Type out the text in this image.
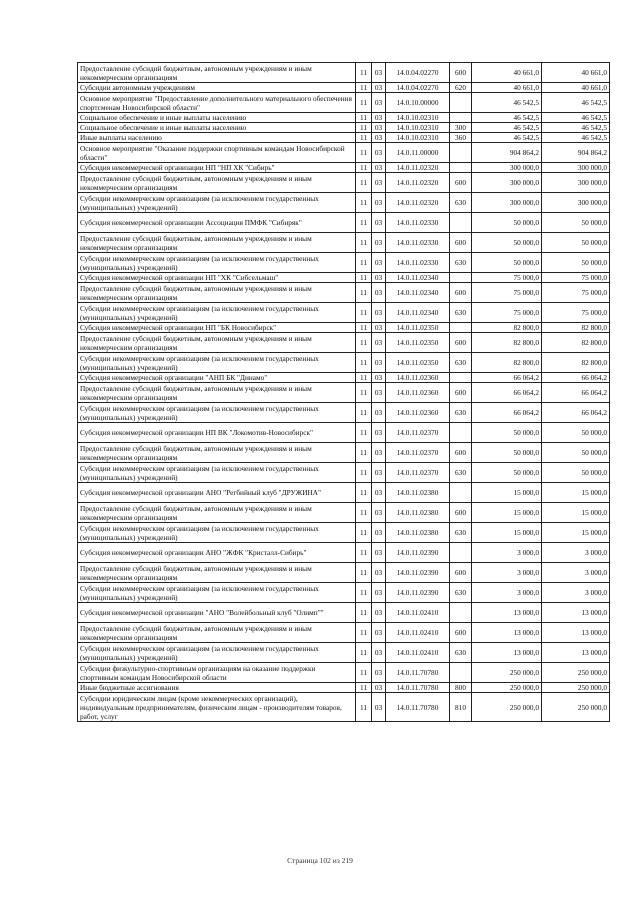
Предоставление субсидий бюджетным, автономным учреждениям и иным некоммерческим организациям	11	03	14.0.04.02270	600	40 661,0	40 661,0
Субсидии автономным учреждениям	11	03	14.0.04.02270	620	40 661,0	40 661,0
Основное мероприятие "Предоставление дополнительного материального обеспечения спортсменам Новосибирской области"	11	03	14.0.10.00000		46 542,5	46 542,5
Социальное обеспечение и иные выплаты населению	11	03	14.0.10.02310		46 542,5	46 542,5
Социальное обеспечение и иные выплаты населению	11	03	14.0.10.02310	300	46 542,5	46 542,5
Иные выплаты населению	11	03	14.0.10.02310	360	46 542,5	46 542,5
Основное мероприятие "Оказание поддержки спортивным командам Новосибирской области"	11	03	14.0.11.00000		904 864,2	904 864,2
Субсидия некоммерческой организации НП "НП ХК "Сибирь"	11	03	14.0.11.02320		300 000,0	300 000,0
Предоставление субсидий бюджетным, автономным учреждениям и иным некоммерческим организациям	11	03	14.0.11.02320	600	300 000,0	300 000,0
Субсидии некоммерческим организациям (за исключением государственных (муниципальных) учреждений)	11	03	14.0.11.02320	630	300 000,0	300 000,0
Субсидия некоммерческой организации Ассоциация ПМФК "Сибиряк"	11	03	14.0.11.02330		50 000,0	50 000,0
Предоставление субсидий бюджетным, автономным учреждениям и иным некоммерческим организациям	11	03	14.0.11.02330	600	50 000,0	50 000,0
Субсидии некоммерческим организациям (за исключением государственных (муниципальных) учреждений)	11	03	14.0.11.02330	630	50 000,0	50 000,0
Субсидия некоммерческой организации НП "ХК "Сибсельмаш"	11	03	14.0.11.02340		75 000,0	75 000,0
Предоставление субсидий бюджетным, автономным учреждениям и иным некоммерческим организациям	11	03	14.0.11.02340	600	75 000,0	75 000,0
Субсидии некоммерческим организациям (за исключением государственных (муниципальных) учреждений)	11	03	14.0.11.02340	630	75 000,0	75 000,0
Субсидия некоммерческой организации НП "БК Новосибирск"	11	03	14.0.11.02350		82 800,0	82 800,0
Предоставление субсидий бюджетным, автономным учреждениям и иным некоммерческим организациям	11	03	14.0.11.02350	600	82 800,0	82 800,0
Субсидии некоммерческим организациям (за исключением государственных (муниципальных) учреждений)	11	03	14.0.11.02350	630	82 800,0	82 800,0
Субсидия некоммерческой организации "АНП БК "Динамо"	11	03	14.0.11.02360		66 064,2	66 064,2
Предоставление субсидий бюджетным, автономным учреждениям и иным некоммерческим организациям	11	03	14.0.11.02360	600	66 064,2	66 064,2
Субсидии некоммерческим организациям (за исключением государственных (муниципальных) учреждений)	11	03	14.0.11.02360	630	66 064,2	66 064,2
Субсидия некоммерческой организации НП ВК "Локомотив-Новосибирск"	11	03	14.0.11.02370		50 000,0	50 000,0
Предоставление субсидий бюджетным, автономным учреждениям и иным некоммерческим организациям	11	03	14.0.11.02370	600	50 000,0	50 000,0
Субсидии некоммерческим организациям (за исключением государственных (муниципальных) учреждений)	11	03	14.0.11.02370	630	50 000,0	50 000,0
Субсидия некоммерческой организации АНО "Регбийный клуб "ДРУЖИНА"	11	03	14.0.11.02380		15 000,0	15 000,0
Предоставление субсидий бюджетным, автономным учреждениям и иным некоммерческим организациям	11	03	14.0.11.02380	600	15 000,0	15 000,0
Субсидии некоммерческим организациям (за исключением государственных (муниципальных) учреждений)	11	03	14.0.11.02380	630	15 000,0	15 000,0
Субсидия некоммерческой организации АНО "ЖФК "Кристалл-Сибирь"	11	03	14.0.11.02390		3 000,0	3 000,0
Предоставление субсидий бюджетным, автономным учреждениям и иным некоммерческим организациям	11	03	14.0.11.02390	600	3 000,0	3 000,0
Субсидии некоммерческим организациям (за исключением государственных (муниципальных) учреждений)	11	03	14.0.11.02390	630	3 000,0	3 000,0
Субсидия некоммерческой организации "АНО "Волейбольный клуб "Олимп""	11	03	14.0.11.02410		13 000,0	13 000,0
Предоставление субсидий бюджетным, автономным учреждениям и иным некоммерческим организациям	11	03	14.0.11.02410	600	13 000,0	13 000,0
Субсидии некоммерческим организациям (за исключением государственных (муниципальных) учреждений)	11	03	14.0.11.02410	630	13 000,0	13 000,0
Субсидии физкультурно-спортивным организациям на оказание поддержки спортивным командам Новосибирской области	11	03	14.0.11.70780		250 000,0	250 000,0
Иные бюджетные ассигнования	11	03	14.0.11.70780	800	250 000,0	250 000,0
Субсидии юридическим лицам (кроме некоммерческих организаций), индивидуальным предпринимателям, физическим лицам - производителям товаров, работ, услуг	11	03	14.0.11.70780	810	250 000,0	250 000,0
Страница 102 из 219
